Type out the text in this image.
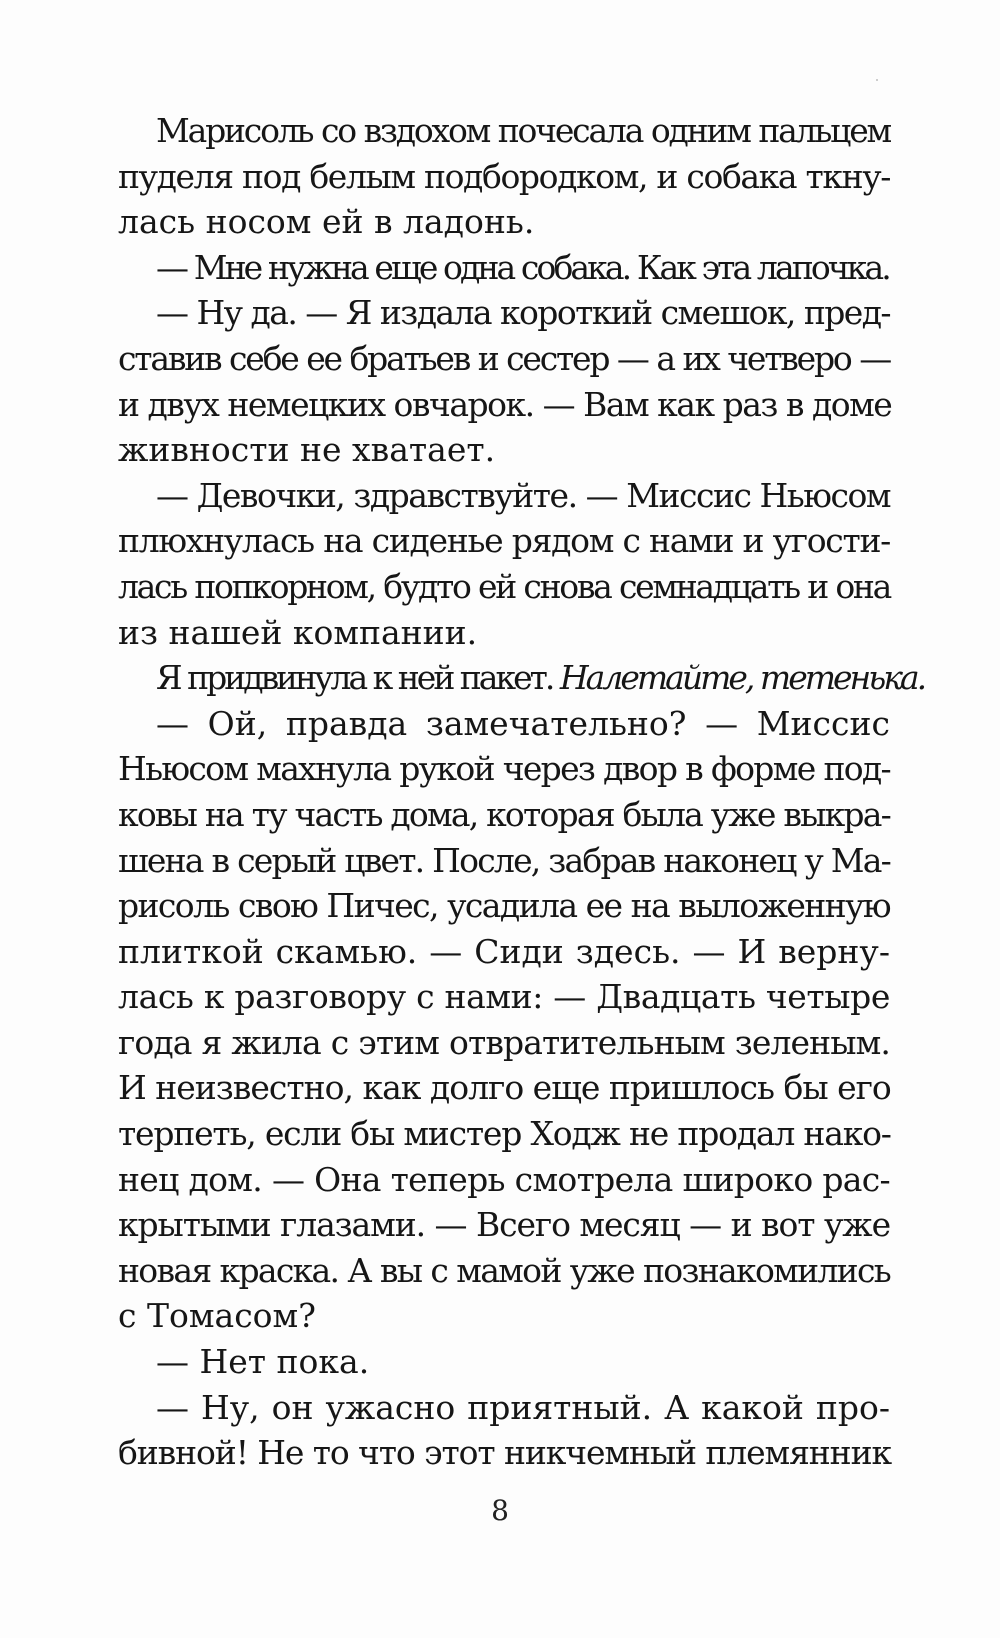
Марисоль со вздохом почесала одним пальцем
пуделя под белым подбородком, и собака ткну-
лась носом ей в ладонь.
— Мне нужна еще одна собака. Как эта лапочка.
— Ну да. — Я издала короткий смешок, пред-
ставив себе ее братьев и сестер — а их четверо —
и двух немецких овчарок. — Вам как раз в доме
живности не хватает.
— Девочки, здравствуйте. — Миссис Ньюсом
плюхнулась на сиденье рядом с нами и угости-
лась попкорном, будто ей снова семнадцать и она
из нашей компании.
Я придвинула к ней пакет. Налетайте, тетенька.
— Ой, правда замечательно? — Миссис
Ньюсом махнула рукой через двор в форме под-
ковы на ту часть дома, которая была уже выкра-
шена в серый цвет. После, забрав наконец у Ма-
рисоль свою Пичес, усадила ее на выложенную
плиткой скамью. — Сиди здесь. — И верну-
лась к разговору с нами: — Двадцать четыре
года я жила с этим отвратительным зеленым.
И неизвестно, как долго еще пришлось бы его
терпеть, если бы мистер Ходж не продал нако-
нец дом. — Она теперь смотрела широко рас-
крытыми глазами. — Всего месяц — и вот уже
новая краска. А вы с мамой уже познакомились
с Томасом?
— Нет пока.
— Ну, он ужасно приятный. А какой про-
бивной! Не то что этот никчемный племянник
8
